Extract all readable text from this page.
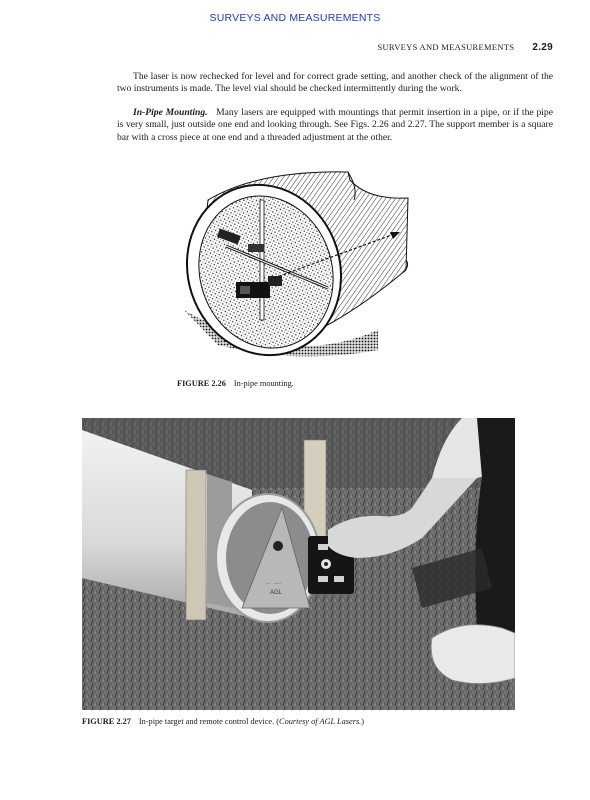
SURVEYS AND MEASUREMENTS
SURVEYS AND MEASUREMENTS 2.29

The laser is now rechecked for level and for correct grade setting, and another check of the alignment of the two instruments is made. The level vial should be checked intermittently during the work.

In-Pipe Mounting. Many lasers are equipped with mountings that permit insertion in a pipe, or if the pipe is very small, just outside one end and looking through. See Figs. 2.26 and 2.27. The support member is a square bar with a cross piece at one end and a threaded adjustment at the other.

FIGURE 2.26 In-pipe mounting.
AGL
— · ——
FIGURE 2.27 In-pipe target and remote control device. (Courtesy of AGL Lasers.)
